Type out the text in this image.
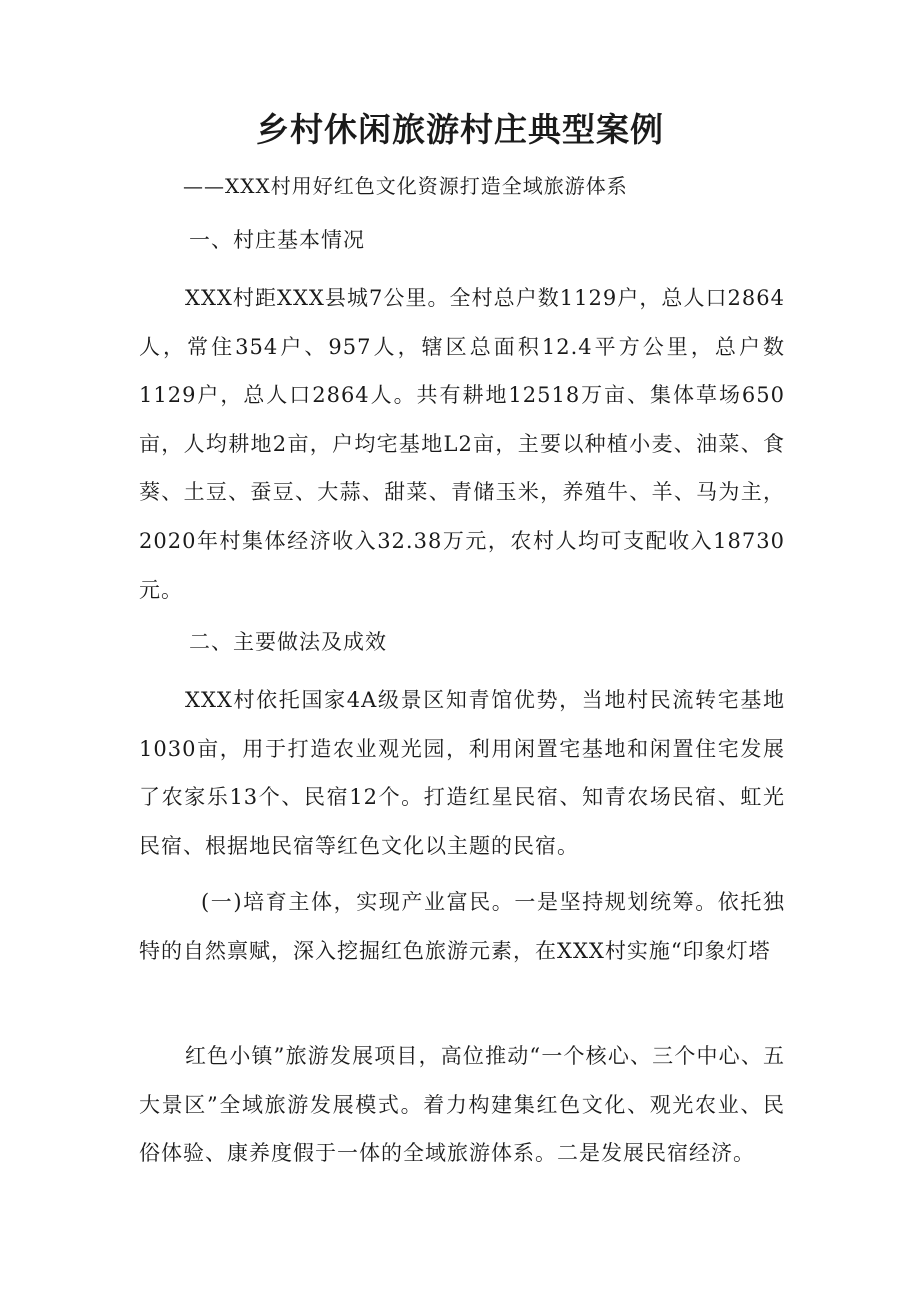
乡村休闲旅游村庄典型案例

——XXX村用好红色文化资源打造全域旅游体系

一、村庄基本情况

XXX村距XXX县城7公里。全村总户数1129户，总人口2864人，常住354户、957人，辖区总面积12.4平方公里，总户数1129户，总人口2864人。共有耕地12518万亩、集体草场650亩，人均耕地2亩，户均宅基地L2亩，主要以种植小麦、油菜、食葵、土豆、蚕豆、大蒜、甜菜、青储玉米，养殖牛、羊、马为主，2020年村集体经济收入32.38万元，农村人均可支配收入18730元。

二、主要做法及成效

XXX村依托国家4A级景区知青馆优势，当地村民流转宅基地1030亩，用于打造农业观光园，利用闲置宅基地和闲置住宅发展了农家乐13个、民宿12个。打造红星民宿、知青农场民宿、虹光民宿、根据地民宿等红色文化以主题的民宿。

(一)培育主体，实现产业富民。一是坚持规划统筹。依托独特的自然禀赋，深入挖掘红色旅游元素，在XXX村实施“印象灯塔

红色小镇”旅游发展项目，高位推动“一个核心、三个中心、五大景区”全域旅游发展模式。着力构建集红色文化、观光农业、民俗体验、康养度假于一体的全域旅游体系。二是发展民宿经济。
